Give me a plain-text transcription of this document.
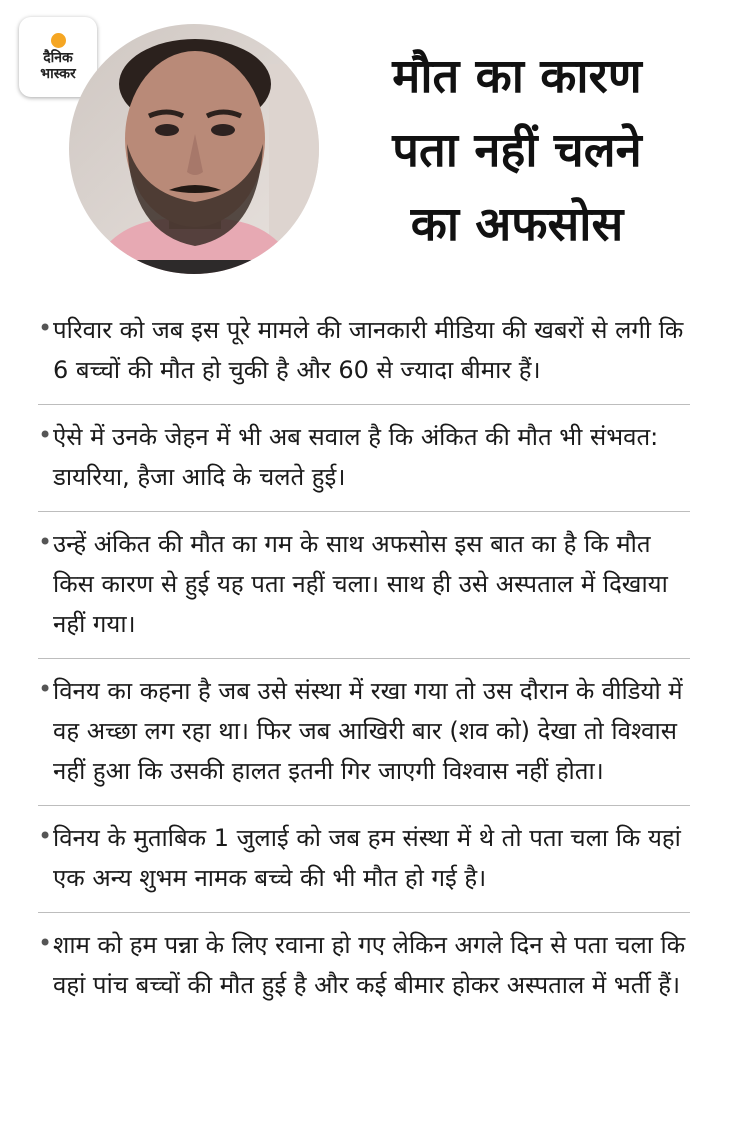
दैनिक
भास्कर	मौत का कारण
पता नहीं चलने
का अफसोस
• परिवार को जब इस पूरे मामले की जानकारी मीडिया की खबरों से लगी कि 6 बच्चों की मौत हो चुकी है और 60 से ज्यादा बीमार हैं।
• ऐसे में उनके जेहन में भी अब सवाल है कि अंकित की मौत भी संभवत: डायरिया, हैजा आदि के चलते हुई।
• उन्हें अंकित की मौत का गम के साथ अफसोस इस बात का है कि मौत किस कारण से हुई यह पता नहीं चला। साथ ही उसे अस्पताल में दिखाया नहीं गया।
• विनय का कहना है जब उसे संस्था में रखा गया तो उस दौरान के वीडियो में वह अच्छा लग रहा था। फिर जब आखिरी बार (शव को) देखा तो विश्वास नहीं हुआ कि उसकी हालत इतनी गिर जाएगी विश्वास नहीं होता।
• विनय के मुताबिक 1 जुलाई को जब हम संस्था में थे तो पता चला कि यहां एक अन्य शुभम नामक बच्चे की भी मौत हो गई है।
• शाम को हम पन्ना के लिए रवाना हो गए लेकिन अगले दिन से पता चला कि वहां पांच बच्चों की मौत हुई है और कई बीमार होकर अस्पताल में भर्ती हैं।
